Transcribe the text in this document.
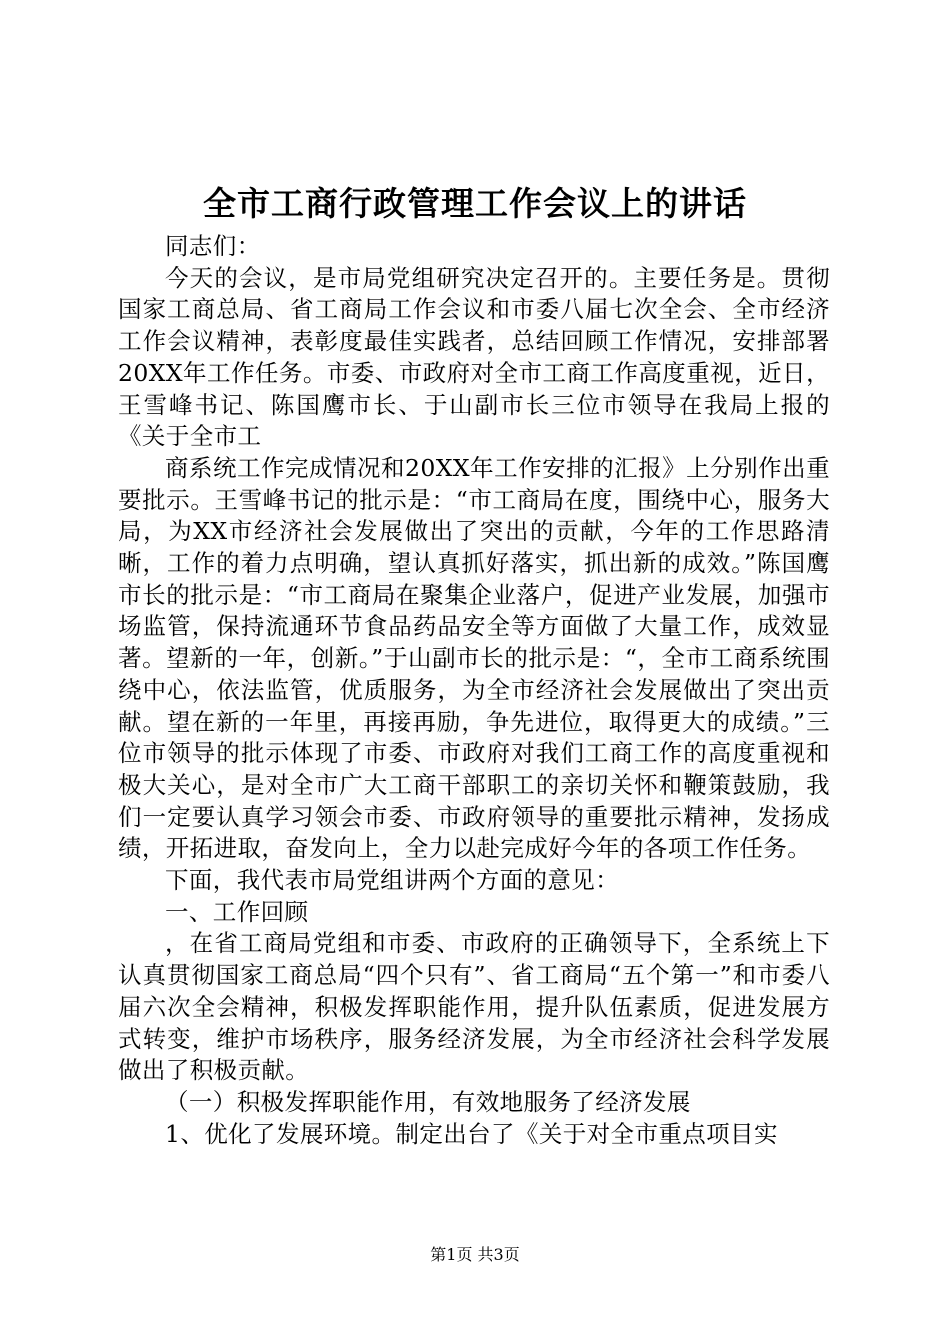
全市工商行政管理工作会议上的讲话

同志们：

今天的会议，是市局党组研究决定召开的。主要任务是。贯彻国家工商总局、省工商局工作会议和市委八届七次全会、全市经济工作会议精神，表彰度最佳实践者，总结回顾工作情况，安排部署20XX年工作任务。市委、市政府对全市工商工作高度重视，近日，王雪峰书记、陈国鹰市长、于山副市长三位市领导在我局上报的《关于全市工

商系统工作完成情况和20XX年工作安排的汇报》上分别作出重要批示。王雪峰书记的批示是：“市工商局在度，围绕中心，服务大局，为XX市经济社会发展做出了突出的贡献，今年的工作思路清晰，工作的着力点明确，望认真抓好落实，抓出新的成效。”陈国鹰市长的批示是：“市工商局在聚集企业落户，促进产业发展，加强市场监管，保持流通环节食品药品安全等方面做了大量工作，成效显著。望新的一年，创新。”于山副市长的批示是：“，全市工商系统围绕中心，依法监管，优质服务，为全市经济社会发展做出了突出贡献。望在新的一年里，再接再励，争先进位，取得更大的成绩。”三位市领导的批示体现了市委、市政府对我们工商工作的高度重视和极大关心，是对全市广大工商干部职工的亲切关怀和鞭策鼓励，我们一定要认真学习领会市委、市政府领导的重要批示精神，发扬成绩，开拓进取，奋发向上，全力以赴完成好今年的各项工作任务。

下面，我代表市局党组讲两个方面的意见：

一、工作回顾

，在省工商局党组和市委、市政府的正确领导下，全系统上下认真贯彻国家工商总局“四个只有”、省工商局“五个第一”和市委八届六次全会精神，积极发挥职能作用，提升队伍素质，促进发展方式转变，维护市场秩序，服务经济发展，为全市经济社会科学发展做出了积极贡献。

（一）积极发挥职能作用，有效地服务了经济发展

1、优化了发展环境。制定出台了《关于对全市重点项目实

第1页 共3页
